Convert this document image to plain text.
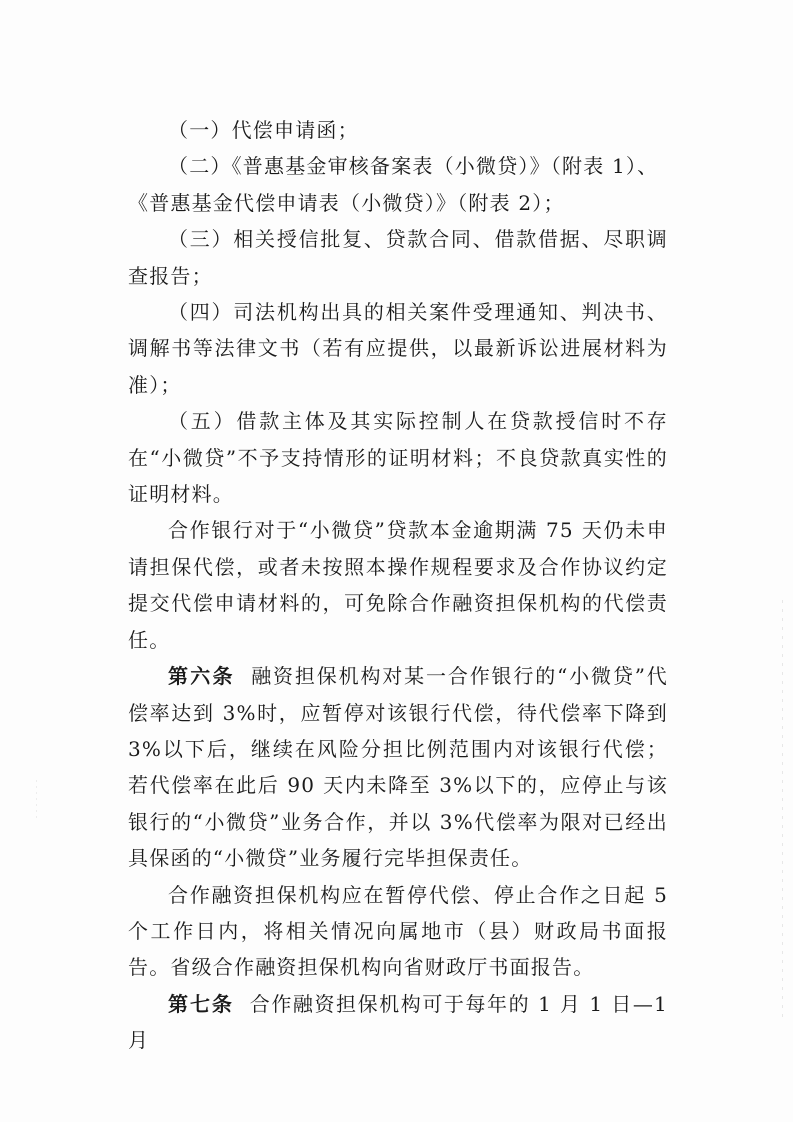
（一）代偿申请函；

（二）《普惠基金审核备案表（小微贷）》（附表 1）、

《普惠基金代偿申请表（小微贷）》（附表 2）；

（三）相关授信批复、贷款合同、借款借据、尽职调查报告；

（四）司法机构出具的相关案件受理通知、判决书、调解书等法律文书（若有应提供，以最新诉讼进展材料为准）；

（五）借款主体及其实际控制人在贷款授信时不存在“小微贷”不予支持情形的证明材料；不良贷款真实性的证明材料。

合作银行对于“小微贷”贷款本金逾期满 75 天仍未申请担保代偿，或者未按照本操作规程要求及合作协议约定提交代偿申请材料的，可免除合作融资担保机构的代偿责任。

第六条 融资担保机构对某一合作银行的“小微贷”代偿率达到 3%时，应暂停对该银行代偿，待代偿率下降到 3%以下后，继续在风险分担比例范围内对该银行代偿；若代偿率在此后 90 天内未降至 3%以下的，应停止与该银行的“小微贷”业务合作，并以 3%代偿率为限对已经出具保函的“小微贷”业务履行完毕担保责任。

合作融资担保机构应在暂停代偿、停止合作之日起 5 个工作日内，将相关情况向属地市（县）财政局书面报告。省级合作融资担保机构向省财政厅书面报告。

第七条 合作融资担保机构可于每年的 1 月 1 日—1 月
